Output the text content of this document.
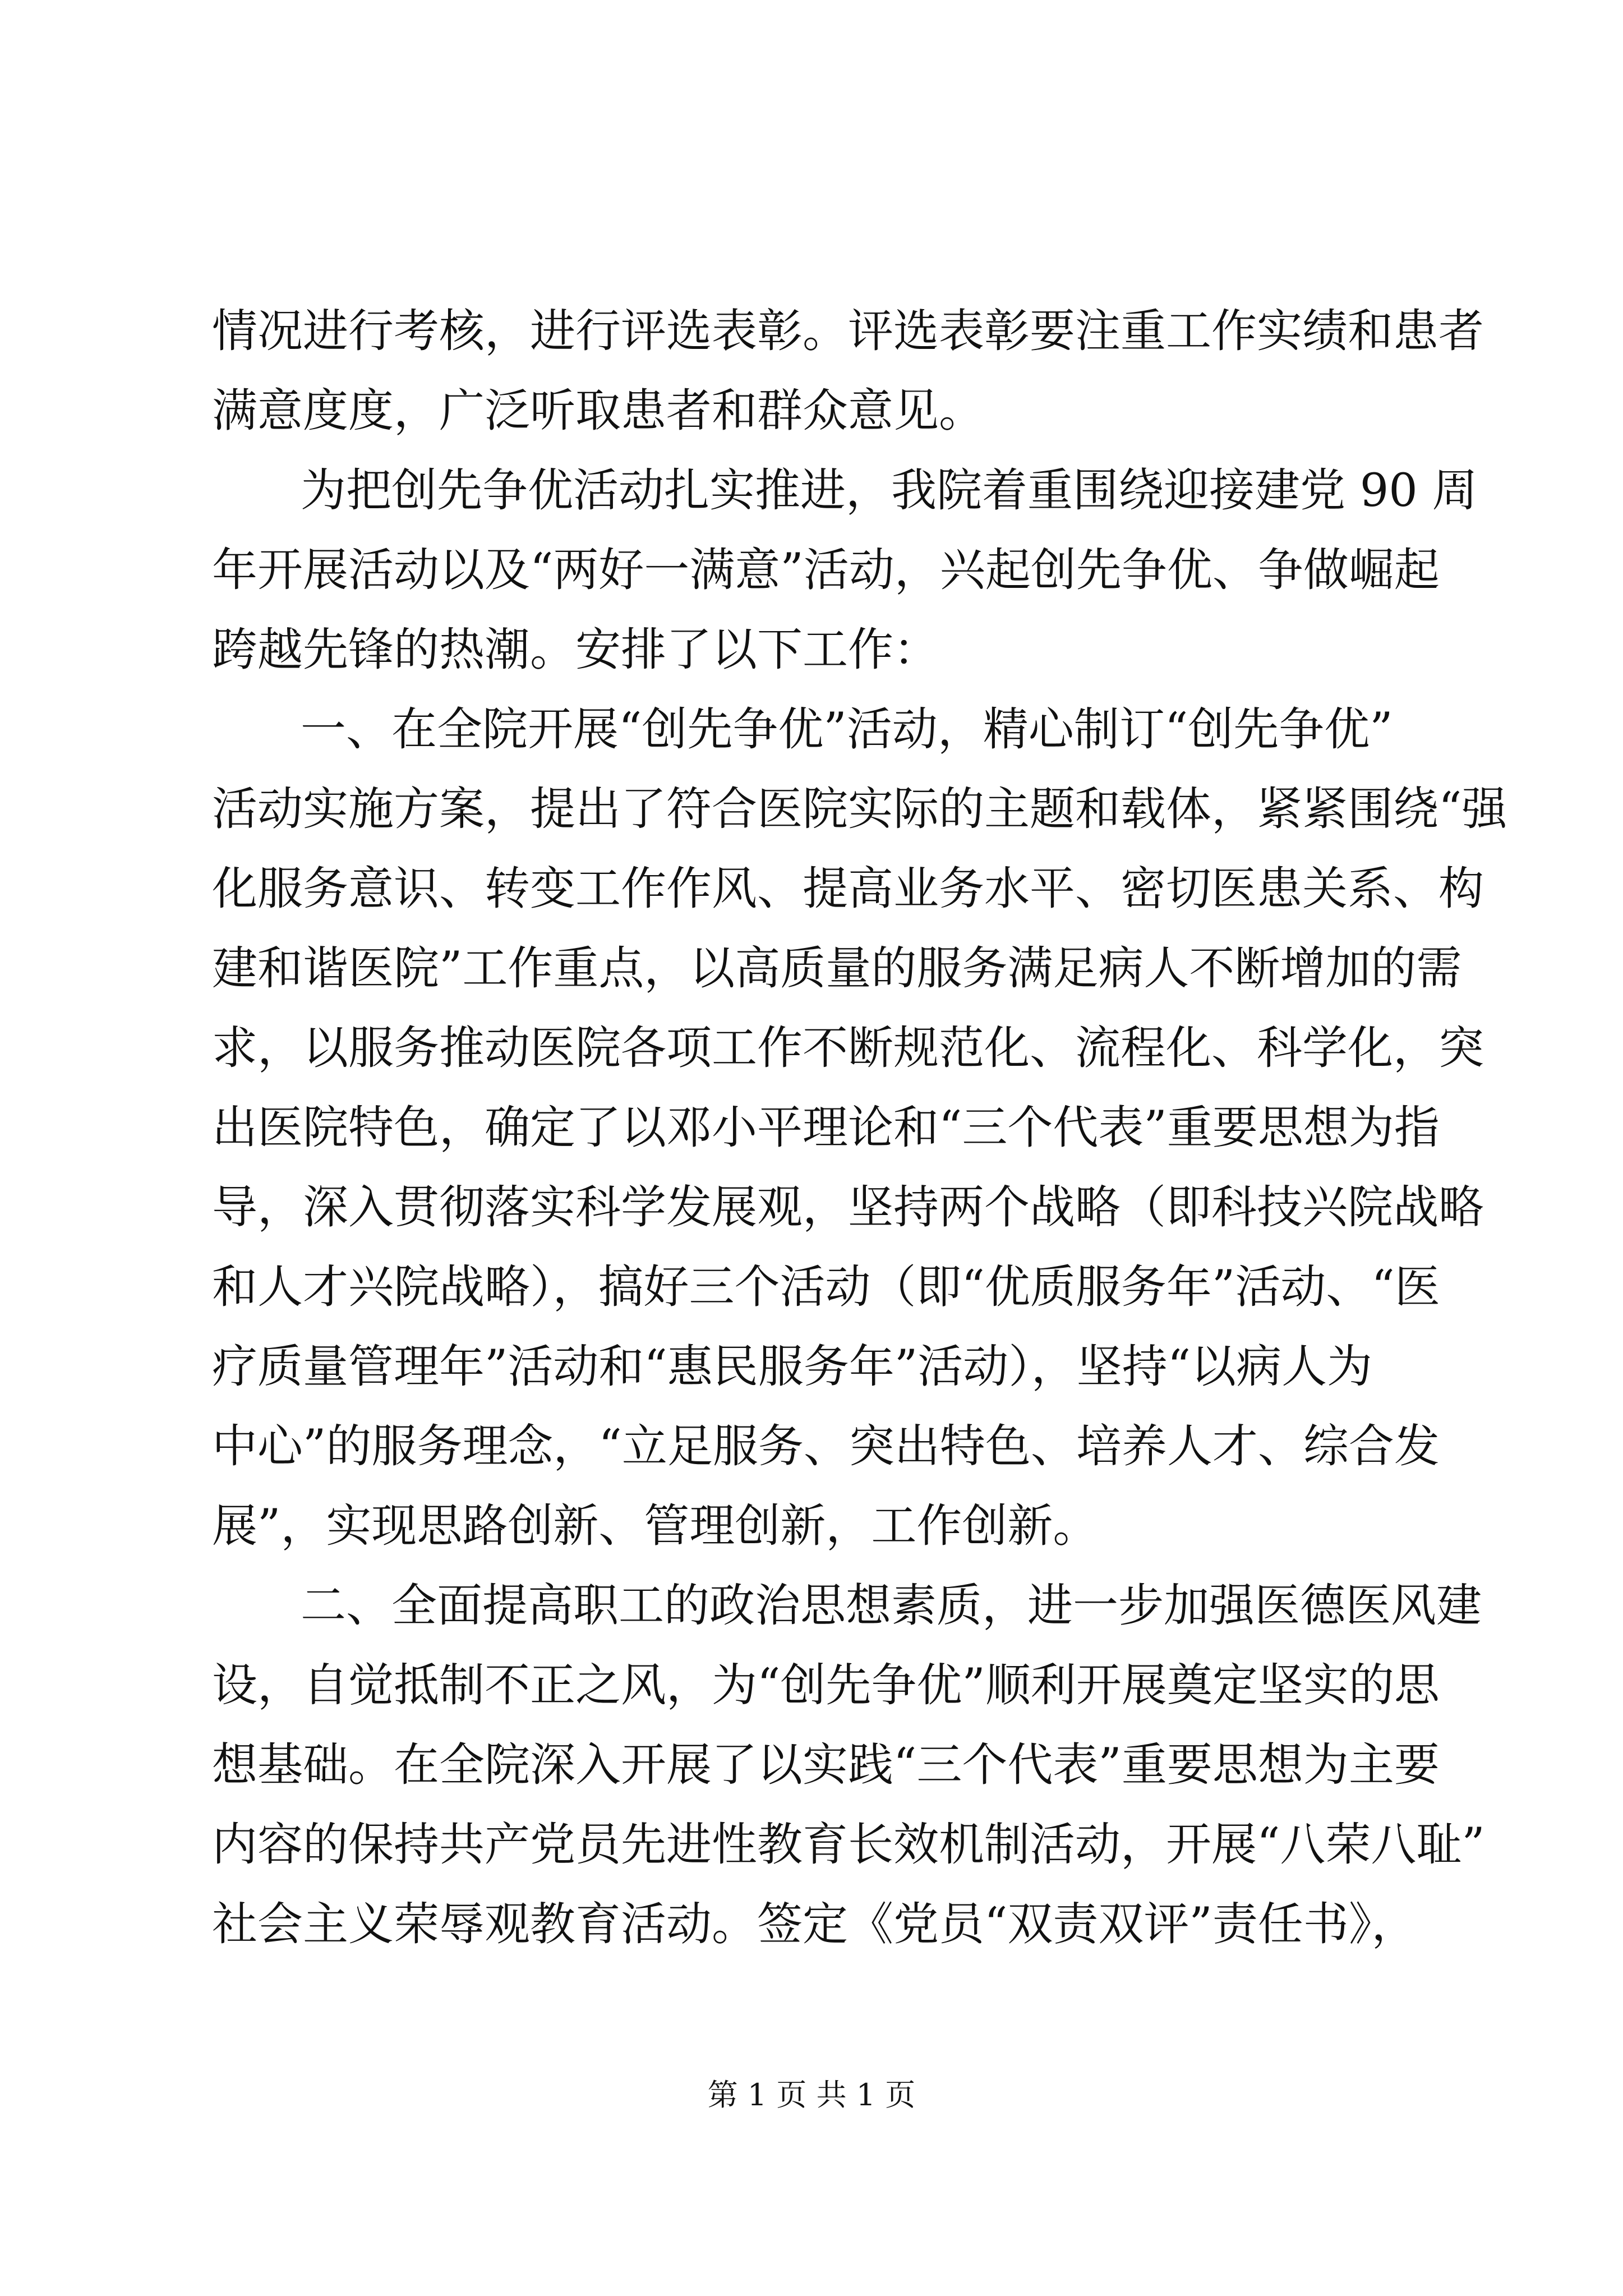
情况进行考核，进行评选表彰。评选表彰要注重工作实绩和患者
满意度度，广泛听取患者和群众意见。
为把创先争优活动扎实推进，我院着重围绕迎接建党 90 周
年开展活动以及“两好一满意”活动，兴起创先争优、争做崛起
跨越先锋的热潮。安排了以下工作：
一、在全院开展“创先争优”活动，精心制订“创先争优”
活动实施方案，提出了符合医院实际的主题和载体，紧紧围绕“强
化服务意识、转变工作作风、提高业务水平、密切医患关系、构
建和谐医院”工作重点，以高质量的服务满足病人不断增加的需
求，以服务推动医院各项工作不断规范化、流程化、科学化，突
出医院特色，确定了以邓小平理论和“三个代表”重要思想为指
导，深入贯彻落实科学发展观，坚持两个战略（即科技兴院战略
和人才兴院战略），搞好三个活动（即“优质服务年”活动、“医
疗质量管理年”活动和“惠民服务年”活动），坚持“以病人为
中心”的服务理念，“立足服务、突出特色、培养人才、综合发
展”，实现思路创新、管理创新，工作创新。
二、全面提高职工的政治思想素质，进一步加强医德医风建
设，自觉抵制不正之风，为“创先争优”顺利开展奠定坚实的思
想基础。在全院深入开展了以实践“三个代表”重要思想为主要
内容的保持共产党员先进性教育长效机制活动，开展“八荣八耻”
社会主义荣辱观教育活动。签定《党员“双责双评”责任书》，
第 1 页 共 1 页
